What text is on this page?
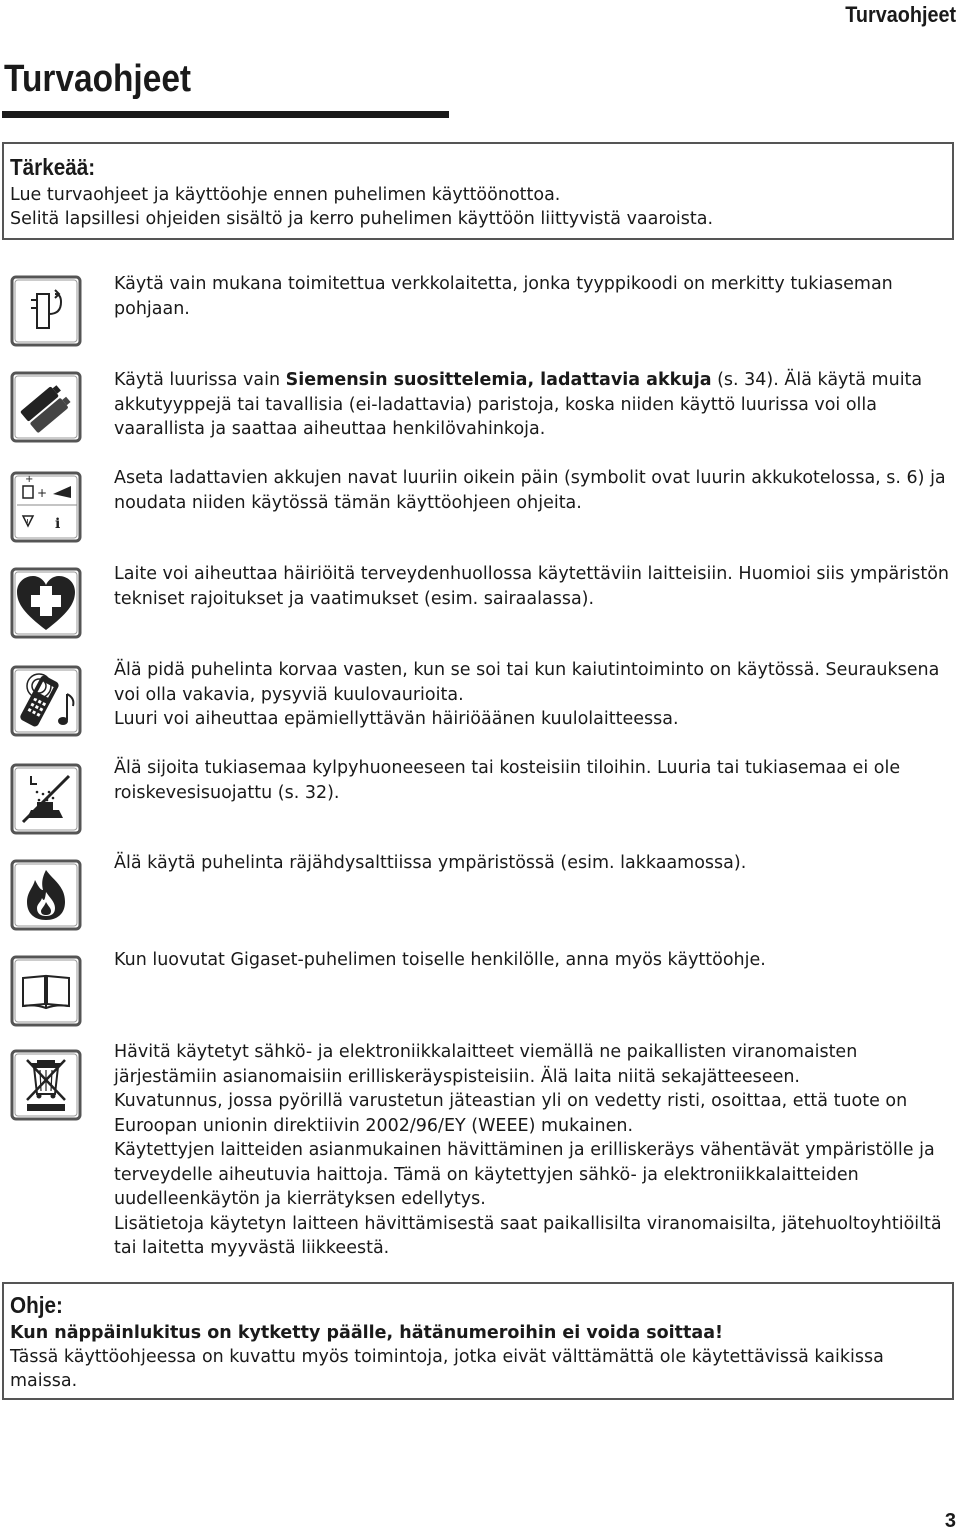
Turvaohjeet
Turvaohjeet
Tärkeää:

Lue turvaohjeet ja käyttöohje ennen puhelimen käyttöönottoa.

Selitä lapsillesi ohjeiden sisältö ja kerro puhelimen käyttöön liittyvistä vaaroista.

Käytä vain mukana toimitettua verkkolaitetta, jonka tyyppikoodi on merkitty tukiaseman pohjaan.

Käytä luurissa vain Siemensin suosittelemia, ladattavia akkuja (s. 34). Älä käytä muita akkutyyppejä tai tavallisia (ei-ladattavia) paristoja, koska niiden käyttö luurissa voi olla vaarallista ja saattaa aiheuttaa henkilövahinkoja.

+
+
! i

Aseta ladattavien akkujen navat luuriin oikein päin (symbolit ovat luurin akkukotelossa, s. 6) ja noudata niiden käytössä tämän käyttöohjeen ohjeita.

Laite voi aiheuttaa häiriöitä terveydenhuollossa käytettäviin laitteisiin. Huomioi siis ympäristön tekniset rajoitukset ja vaatimukset (esim. sairaalassa).

Älä pidä puhelinta korvaa vasten, kun se soi tai kun kaiutintoiminto on käytössä. Seurauksena voi olla vakavia, pysyviä kuulovaurioita.

Luuri voi aiheuttaa epämiellyttävän häiriöäänen kuulolaitteessa.

Älä sijoita tukiasemaa kylpyhuoneeseen tai kosteisiin tiloihin. Luuria tai tukiasemaa ei ole roiskevesisuojattu (s. 32).

Älä käytä puhelinta räjähdysalttiissa ympäristössä (esim. lakkaamossa).

Kun luovutat Gigaset-puhelimen toiselle henkilölle, anna myös käyttöohje.

Hävitä käytetyt sähkö- ja elektroniikkalaitteet viemällä ne paikallisten viranomaisten järjestämiin asianomaisiin erilliskeräyspisteisiin. Älä laita niitä sekajätteeseen.

Kuvatunnus, jossa pyörillä varustetun jäteastian yli on vedetty risti, osoittaa, että tuote on Euroopan unionin direktiivin 2002/96/EY (WEEE) mukainen.

Käytettyjen laitteiden asianmukainen hävittäminen ja erilliskeräys vähentävät ympäristölle ja terveydelle aiheutuvia haittoja. Tämä on käytettyjen sähkö- ja elektroniikkalaitteiden uudelleenkäytön ja kierrätyksen edellytys.

Lisätietoja käytetyn laitteen hävittämisestä saat paikallisilta viranomaisilta, jätehuoltoyhtiöiltä tai laitetta myyvästä liikkeestä.

Ohje:

Kun näppäinlukitus on kytketty päälle, hätänumeroihin ei voida soittaa!

Tässä käyttöohjeessa on kuvattu myös toimintoja, jotka eivät välttämättä ole käytettävissä kaikissa maissa.

3
